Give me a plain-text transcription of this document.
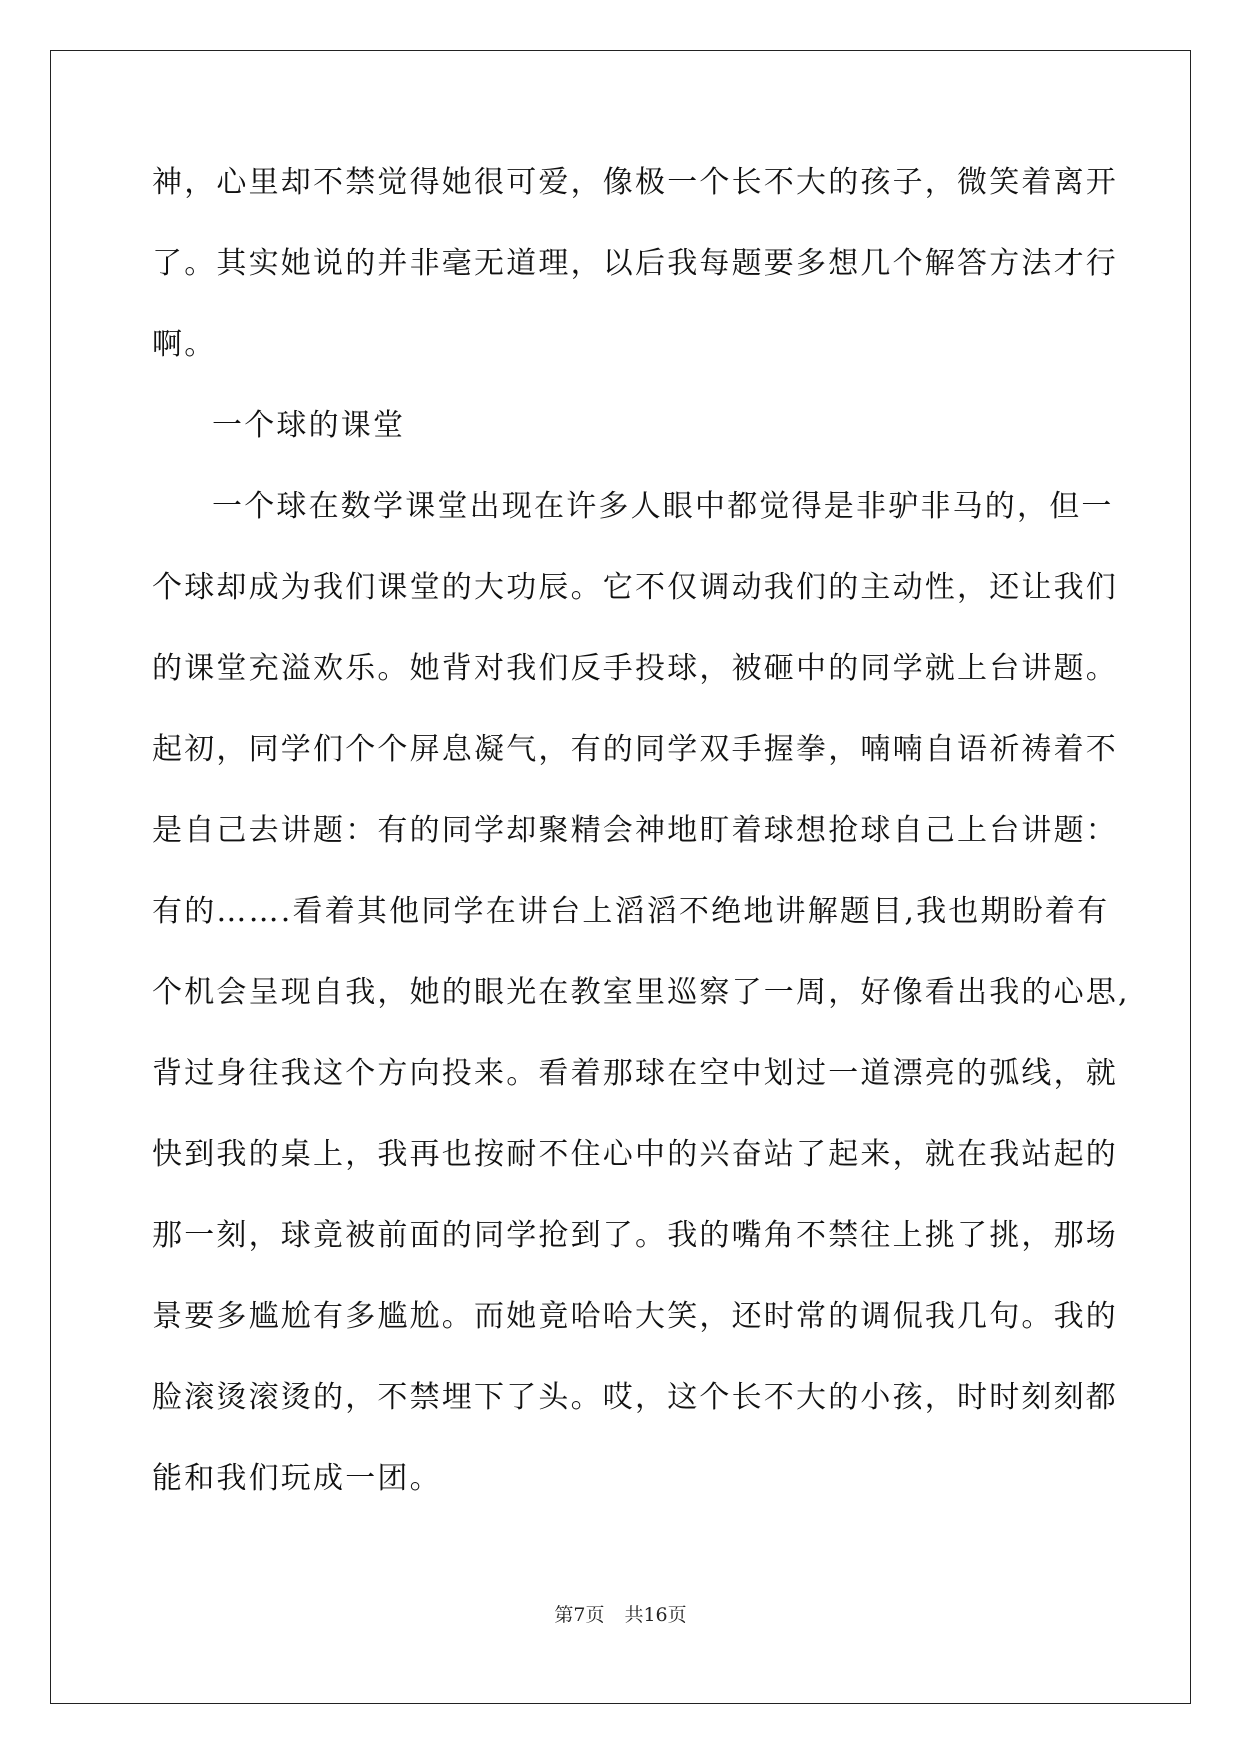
神，心里却不禁觉得她很可爱，像极一个长不大的孩子，微笑着离开
了。其实她说的并非毫无道理，以后我每题要多想几个解答方法才行
啊。
一个球的课堂
一个球在数学课堂出现在许多人眼中都觉得是非驴非马的，但一
个球却成为我们课堂的大功辰。它不仅调动我们的主动性，还让我们
的课堂充溢欢乐。她背对我们反手投球，被砸中的同学就上台讲题。
起初，同学们个个屏息凝气，有的同学双手握拳，喃喃自语祈祷着不
是自己去讲题：有的同学却聚精会神地盯着球想抢球自己上台讲题：
有的…….看着其他同学在讲台上滔滔不绝地讲解题目,我也期盼着有
个机会呈现自我，她的眼光在教室里巡察了一周，好像看出我的心思,
背过身往我这个方向投来。看着那球在空中划过一道漂亮的弧线，就
快到我的桌上，我再也按耐不住心中的兴奋站了起来，就在我站起的
那一刻，球竟被前面的同学抢到了。我的嘴角不禁往上挑了挑，那场
景要多尴尬有多尴尬。而她竟哈哈大笑，还时常的调侃我几句。我的
脸滚烫滚烫的，不禁埋下了头。哎，这个长不大的小孩，时时刻刻都
能和我们玩成一团。
第7页 共16页
